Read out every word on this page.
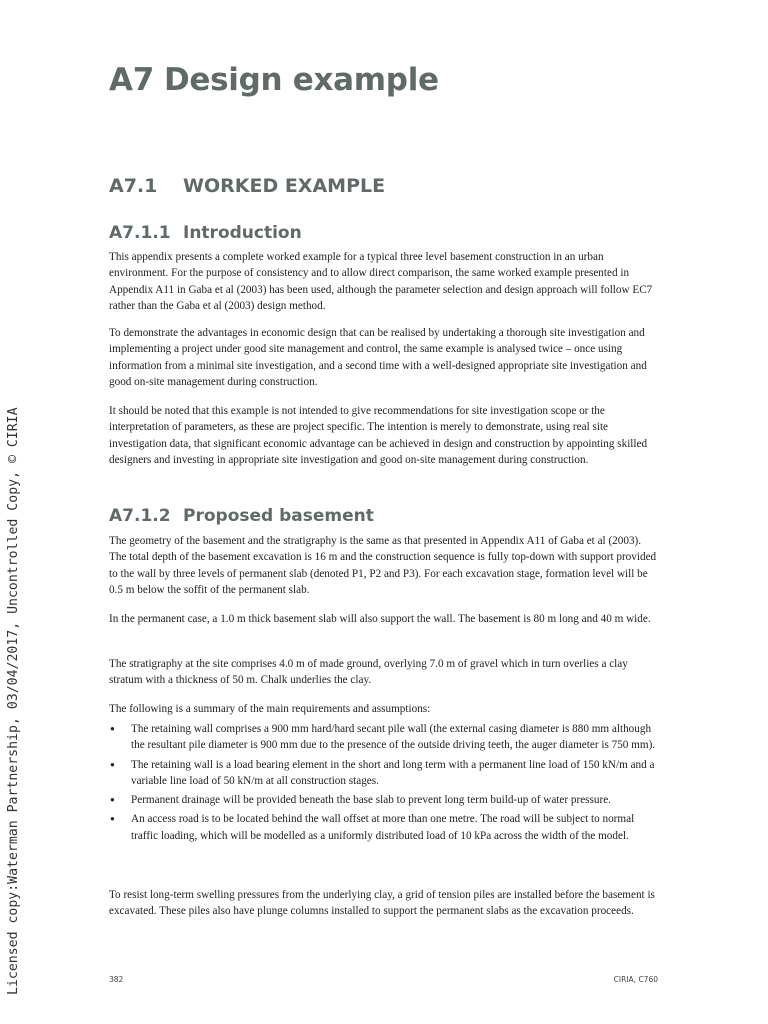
Licensed copy:Waterman Partnership, 03/04/2017, Uncontrolled Copy, © CIRIA
A7 Design example
A7.1 WORKED EXAMPLE
A7.1.1 Introduction

This appendix presents a complete worked example for a typical three level basement construction in an urban environment. For the purpose of consistency and to allow direct comparison, the same worked example presented in Appendix A11 in Gaba et al (2003) has been used, although the parameter selection and design approach will follow EC7 rather than the Gaba et al (2003) design method.

To demonstrate the advantages in economic design that can be realised by undertaking a thorough site investigation and implementing a project under good site management and control, the same example is analysed twice – once using information from a minimal site investigation, and a second time with a well-designed appropriate site investigation and good on-site management during construction.

It should be noted that this example is not intended to give recommendations for site investigation scope or the interpretation of parameters, as these are project specific. The intention is merely to demonstrate, using real site investigation data, that significant economic advantage can be achieved in design and construction by appointing skilled designers and investing in appropriate site investigation and good on-site management during construction.

A7.1.2 Proposed basement

The geometry of the basement and the stratigraphy is the same as that presented in Appendix A11 of Gaba et al (2003). The total depth of the basement excavation is 16 m and the construction sequence is fully top-down with support provided to the wall by three levels of permanent slab (denoted P1, P2 and P3). For each excavation stage, formation level will be 0.5 m below the soffit of the permanent slab.

In the permanent case, a 1.0 m thick basement slab will also support the wall. The basement is 80 m long and 40 m wide.

The stratigraphy at the site comprises 4.0 m of made ground, overlying 7.0 m of gravel which in turn overlies a clay stratum with a thickness of 50 m. Chalk underlies the clay.

The following is a summary of the main requirements and assumptions:

● The retaining wall comprises a 900 mm hard/hard secant pile wall (the external casing diameter is 880 mm although the resultant pile diameter is 900 mm due to the presence of the outside driving teeth, the auger diameter is 750 mm).
● The retaining wall is a load bearing element in the short and long term with a permanent line load of 150 kN/m and a variable line load of 50 kN/m at all construction stages.
● Permanent drainage will be provided beneath the base slab to prevent long term build-up of water pressure.
● An access road is to be located behind the wall offset at more than one metre. The road will be subject to normal traffic loading, which will be modelled as a uniformly distributed load of 10 kPa across the width of the model.

To resist long-term swelling pressures from the underlying clay, a grid of tension piles are installed before the basement is excavated. These piles also have plunge columns installed to support the permanent slabs as the excavation proceeds.

382	CIRIA, C760
